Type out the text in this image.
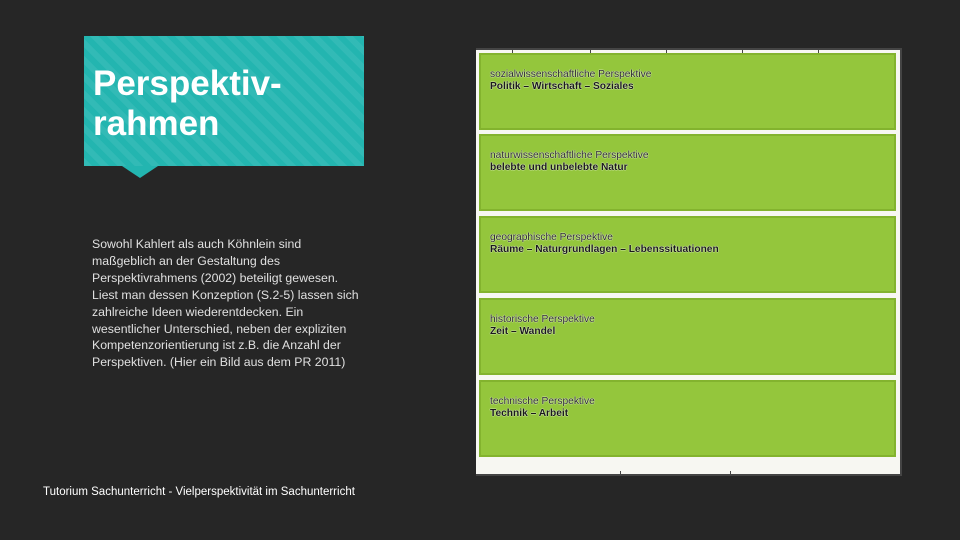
Perspektiv-
rahmen

Sowohl Kahlert als auch Köhnlein sind maßgeblich an der Gestaltung des Perspektivrahmens (2002) beteiligt gewesen. Liest man dessen Konzeption (S.2-5) lassen sich zahlreiche Ideen wiederentdecken. Ein wesentlicher Unterschied, neben der expliziten Kompetenzorientierung ist z.B. die Anzahl der Perspektiven. (Hier ein Bild aus dem PR 2011)

sozialwissenschaftliche Perspektive
Politik – Wirtschaft – Soziales
naturwissenschaftliche Perspektive
belebte und unbelebte Natur
geographische Perspektive
Räume – Naturgrundlagen – Lebenssituationen
historische Perspektive
Zeit – Wandel
technische Perspektive
Technik – Arbeit

Tutorium Sachunterricht - Vielperspektivität im Sachunterricht
